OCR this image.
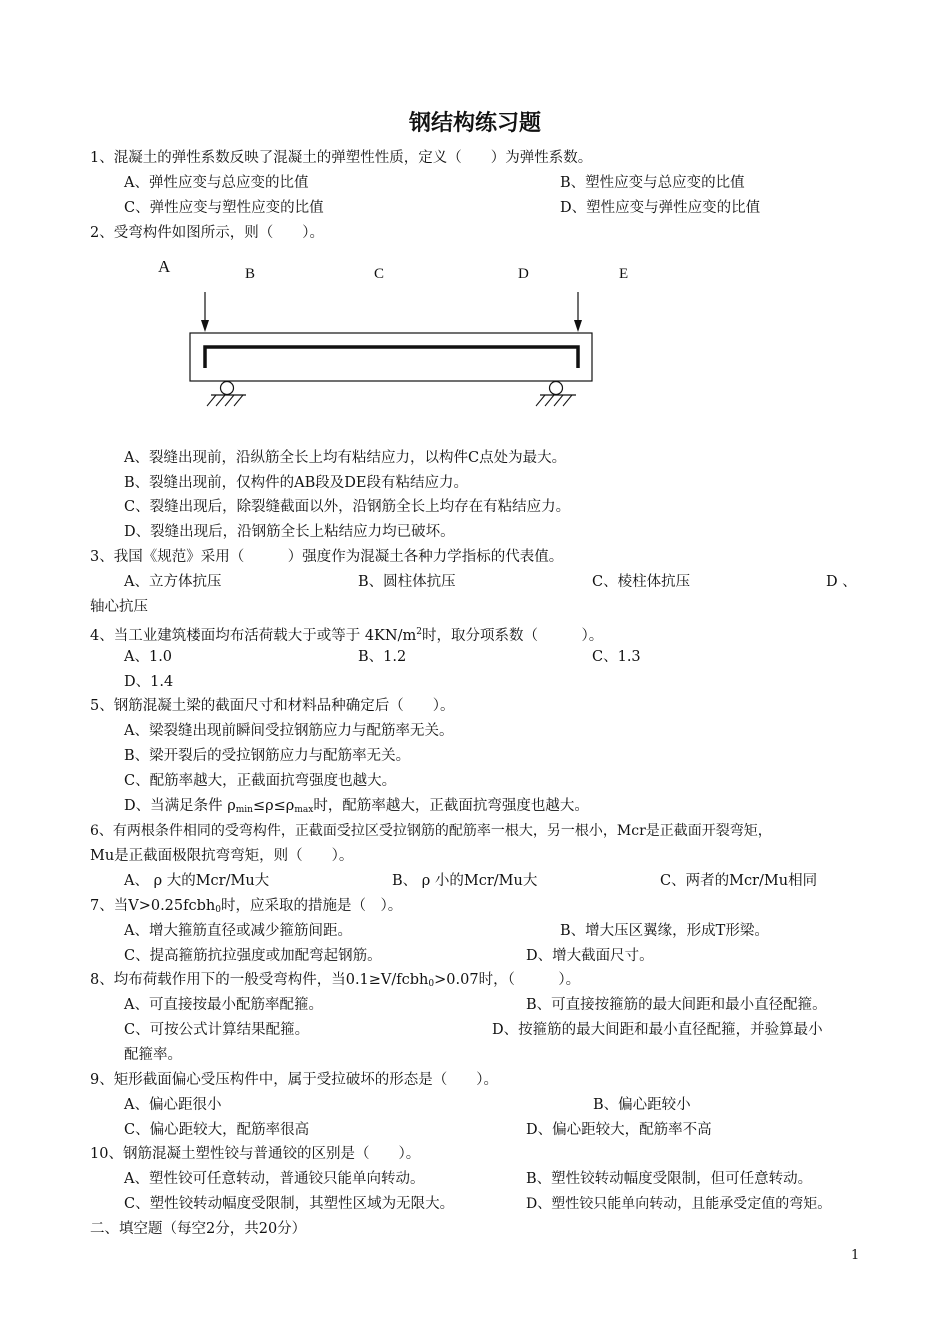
钢结构练习题
1、混凝土的弹性系数反映了混凝土的弹塑性性质，定义（　　）为弹性系数。
A、弹性应变与总应变的比值	B、塑性应变与总应变的比值
C、弹性应变与塑性应变的比值	D、塑性应变与弹性应变的比值
2、受弯构件如图所示，则（　　）。
A	B	C	D	E
A、裂缝出现前，沿纵筋全长上均有粘结应力，以构件C点处为最大。
B、裂缝出现前，仅构件的AB段及DE段有粘结应力。
C、裂缝出现后，除裂缝截面以外，沿钢筋全长上均存在有粘结应力。
D、裂缝出现后，沿钢筋全长上粘结应力均已破坏。
3、我国《规范》采用（　　　）强度作为混凝土各种力学指标的代表值。
A、立方体抗压	B、圆柱体抗压	C、棱柱体抗压	D 、
轴心抗压
4、当工业建筑楼面均布活荷载大于或等于 $4KN/m^2$时，取分项系数（　　　）。
A、1.0	B、1.2	C、1.3
D、1.4
5、钢筋混凝土梁的截面尺寸和材料品种确定后（　　）。
A、梁裂缝出现前瞬间受拉钢筋应力与配筋率无关。
B、梁开裂后的受拉钢筋应力与配筋率无关。
C、配筋率越大，正截面抗弯强度也越大。
D、当满足条件 $\rho_{min}\le\rho\le\rho_{max}$时，配筋率越大，正截面抗弯强度也越大。
6、有两根条件相同的受弯构件，正截面受拉区受拉钢筋的配筋率一根大，另一根小，Mcr是正截面开裂弯矩，
Mu是正截面极限抗弯弯矩，则（　　）。
A、 ρ 大的Mcr/Mu大	B、 ρ 小的Mcr/Mu大	C、两者的Mcr/Mu相同
7、当V>0.25fcbh$_0$时，应采取的措施是（　）。
A、增大箍筋直径或减少箍筋间距。	B、增大压区翼缘，形成T形梁。
C、提高箍筋抗拉强度或加配弯起钢筋。	D、增大截面尺寸。
8、均布荷载作用下的一般受弯构件，当0.1≥V/fcbh$_0$>0.07时，（　　　）。
A、可直接按最小配筋率配箍。	B、可直接按箍筋的最大间距和最小直径配箍。
C、可按公式计算结果配箍。	D、按箍筋的最大间距和最小直径配箍，并验算最小
配箍率。
9、矩形截面偏心受压构件中，属于受拉破坏的形态是（　　）。
A、偏心距很小	B、偏心距较小
C、偏心距较大，配筋率很高	D、偏心距较大，配筋率不高
10、钢筋混凝土塑性铰与普通铰的区别是（　　）。
A、塑性铰可任意转动，普通铰只能单向转动。	B、塑性铰转动幅度受限制，但可任意转动。
C、塑性铰转动幅度受限制，其塑性区域为无限大。	D、塑性铰只能单向转动，且能承受定值的弯矩。
二、填空题（每空2分，共20分）
1
